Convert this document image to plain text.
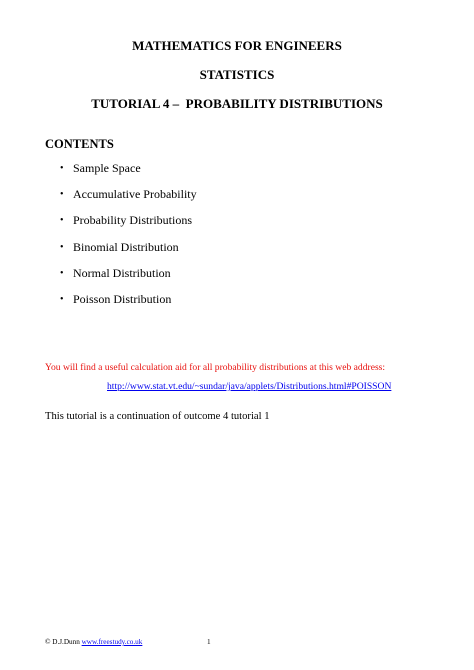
MATHEMATICS FOR ENGINEERS
STATISTICS
TUTORIAL 4 –  PROBABILITY DISTRIBUTIONS
CONTENTS
• Sample Space
• Accumulative Probability
• Probability Distributions
• Binomial Distribution
• Normal Distribution
• Poisson Distribution
You will find a useful calculation aid for all probability distributions at this web address:
http://www.stat.vt.edu/~sundar/java/applets/Distributions.html#POISSON
This tutorial is a continuation of outcome 4 tutorial 1
© D.J.Dunn www.freestudy.co.uk	1
